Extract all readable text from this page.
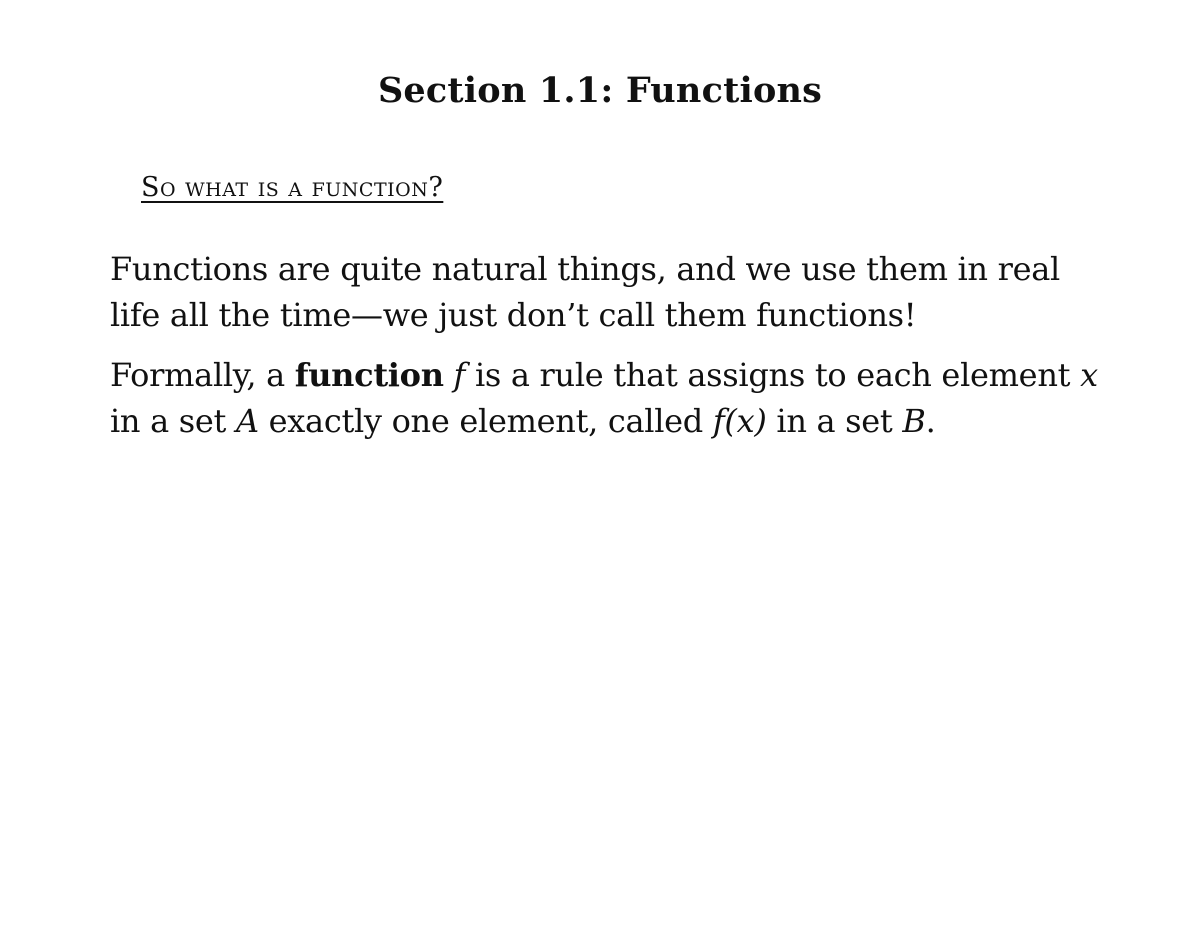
Section 1.1: Functions
So what is a function?
Functions are quite natural things, and we use them in real life all the time—we just don’t call them functions!
Formally, a function f is a rule that assigns to each element x in a set A exactly one element, called f(x) in a set B.
